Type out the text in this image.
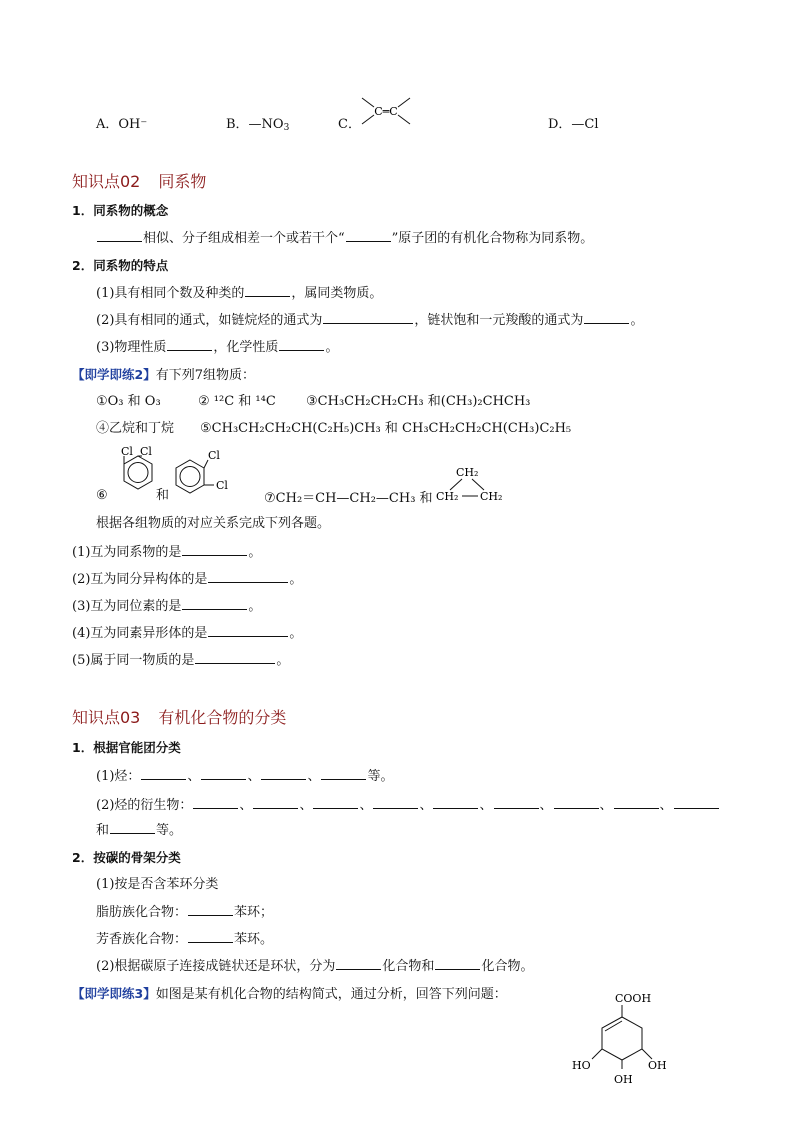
A．OH⁻	B．$—NO_3$	C．
C═C
D．—Cl
知识点02 同系物
1．同系物的概念
相似、分子组成相差一个或若干个“	”原子团的有机化合物称为同系物。
2．同系物的特点
(1)具有相同个数及种类的	，属同类物质。
(2)具有相同的通式，如链烷烃的通式为	，链状饱和一元羧酸的通式为	。
(3)物理性质	，化学性质	。
【即学即练2】有下列7组物质：
①O₃ 和 O₃	② ¹²C 和 ¹⁴C ③CH₃CH₂CH₂CH₃ 和(CH₃)₂CHCH₃
④乙烷和丁烷 ⑤CH₃CH₂CH₂CH(C₂H₅)CH₃ 和 CH₃CH₂CH₂CH(CH₃)C₂H₅
⑥
Cl Cl
和
Cl
Cl
⑦CH₂＝CH—CH₂—CH₃ 和
CH₂
CH₂ CH₂
根据各组物质的对应关系完成下列各题。
(1)互为同系物的是	。
(2)互为同分异构体的是	。
(3)互为同位素的是	。
(4)互为同素异形体的是	。
(5)属于同一物质的是	。
知识点03 有机化合物的分类
1．根据官能团分类
(1)烃：	、	、	、	等。
(2)烃的衍生物：	、	、	、	、	、	、	、	、
和	等。
2．按碳的骨架分类
(1)按是否含苯环分类
脂肪族化合物：	苯环；
芳香族化合物：	苯环。
(2)根据碳原子连接成链状还是环状，分为	化合物和	化合物。
【即学即练3】如图是某有机化合物的结构简式，通过分析，回答下列问题：	COOH
HO	OH
OH
